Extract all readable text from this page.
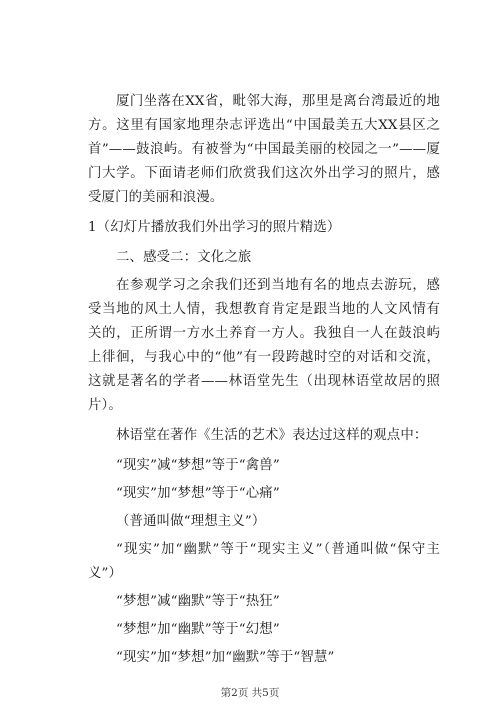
厦门坐落在XX省，毗邻大海，那里是离台湾最近的地方。这里有国家地理杂志评选出“中国最美五大XX县区之首”——鼓浪屿。有被誉为“中国最美丽的校园之一”——厦门大学。下面请老师们欣赏我们这次外出学习的照片，感受厦门的美丽和浪漫。

1（幻灯片播放我们外出学习的照片精选）

二、感受二：文化之旅

在参观学习之余我们还到当地有名的地点去游玩，感受当地的风土人情，我想教育肯定是跟当地的人文风情有关的，正所谓一方水土养育一方人。我独自一人在鼓浪屿上徘徊，与我心中的“他”有一段跨越时空的对话和交流，这就是著名的学者——林语堂先生（出现林语堂故居的照片）。

林语堂在著作《生活的艺术》表达过这样的观点中：

“现实”减“梦想”等于“禽兽”

“现实”加“梦想”等于“心痛”

（普通叫做“理想主义”）

“现实”加“幽默”等于“现实主义”（普通叫做“保守主义”）

“梦想”减“幽默”等于“热狂”

“梦想”加“幽默”等于“幻想”

“现实”加“梦想”加“幽默”等于“智慧”

第2页 共5页
